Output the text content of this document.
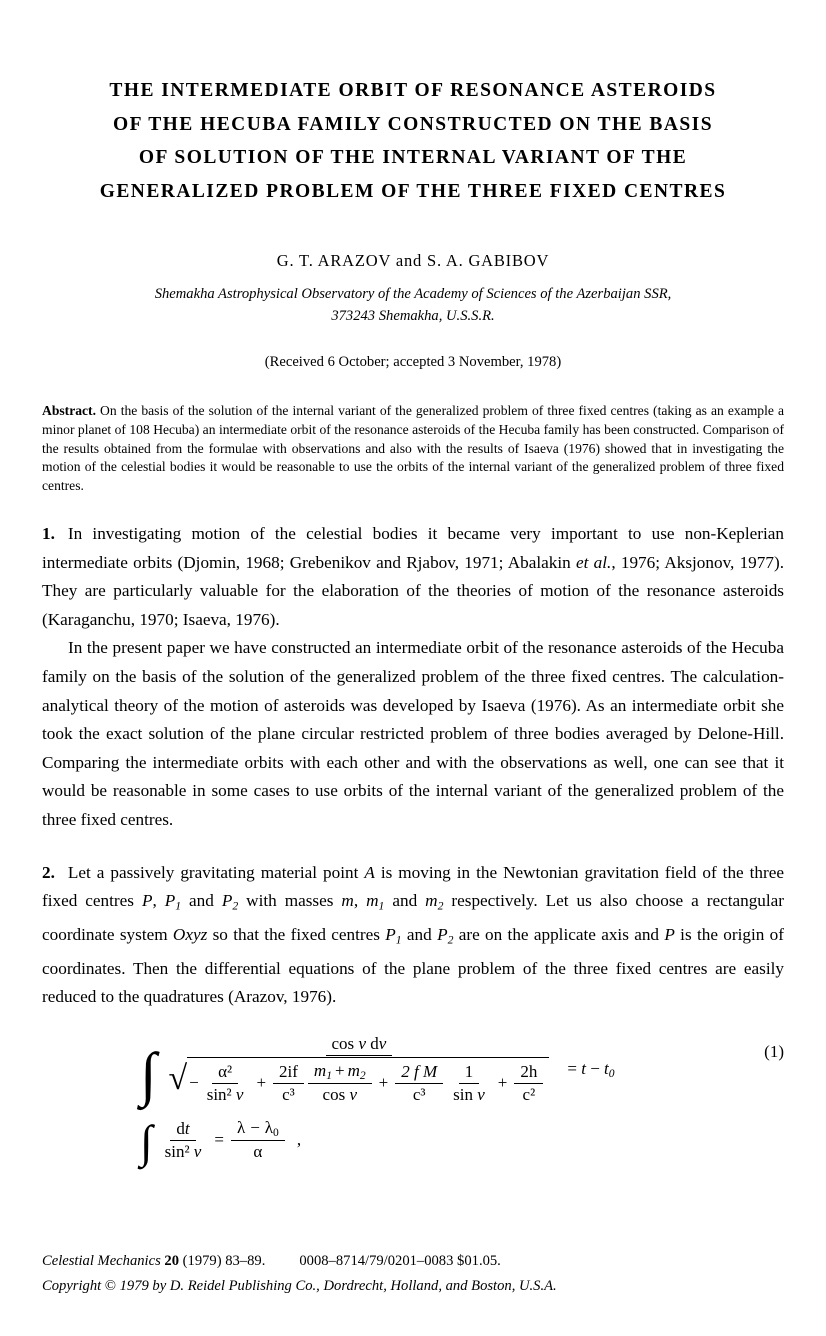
THE INTERMEDIATE ORBIT OF RESONANCE ASTEROIDS
OF THE HECUBA FAMILY CONSTRUCTED ON THE BASIS
OF SOLUTION OF THE INTERNAL VARIANT OF THE
GENERALIZED PROBLEM OF THE THREE FIXED CENTRES
G. T. ARAZOV and S. A. GABIBOV
Shemakha Astrophysical Observatory of the Academy of Sciences of the Azerbaijan SSR,
373243 Shemakha, U.S.S.R.
(Received 6 October; accepted 3 November, 1978)
Abstract. On the basis of the solution of the internal variant of the generalized problem of three fixed centres (taking as an example a minor planet of 108 Hecuba) an intermediate orbit of the resonance asteroids of the Hecuba family has been constructed. Comparison of the results obtained from the formulae with observations and also with the results of Isaeva (1976) showed that in investigating the motion of the celestial bodies it would be reasonable to use the orbits of the internal variant of the generalized problem of three fixed centres.
1. In investigating motion of the celestial bodies it became very important to use non-Keplerian intermediate orbits (Djomin, 1968; Grebenikov and Rjabov, 1971; Abalakin et al., 1976; Aksjonov, 1977). They are particularly valuable for the elaboration of the theories of motion of the resonance asteroids (Karaganchu, 1970; Isaeva, 1976).
In the present paper we have constructed an intermediate orbit of the resonance asteroids of the Hecuba family on the basis of the solution of the generalized problem of the three fixed centres. The calculation-analytical theory of the motion of asteroids was developed by Isaeva (1976). As an intermediate orbit she took the exact solution of the plane circular restricted problem of three bodies averaged by Delone-Hill. Comparing the intermediate orbits with each other and with the observations as well, one can see that it would be reasonable in some cases to use orbits of the internal variant of the generalized problem of the three fixed centres.
2. Let a passively gravitating material point A is moving in the Newtonian gravitation field of the three fixed centres P, $P_1$ and $P_2$ with masses m, $m_1$ and $m_2$ respectively. Let us also choose a rectangular coordinate system Oxyz so that the fixed centres $P_1$ and $P_2$ are on the applicate axis and P is the origin of coordinates. Then the differential equations of the plane problem of the three fixed centres are easily reduced to the quadratures (Arazov, 1976).
∫	cos v dv
√ − $\frac{\text{α²}}{\text{sin² v}} + \frac{2if}{\text{c³}} \frac{m_1 + m_2}{\text{cos v}} + \frac{\text{2 f M}}{\text{c³}} \frac{1}{\text{sin v}} + \frac{2h}{\text{c²}} = t - t_0$
(1)
∫ $\frac{dt}{\text{sin² v}} = \frac{\lambda - \lambda_0}{\alpha}$ ,
Celestial Mechanics 20 (1979) 83–89. 0008–8714/79/0201–0083 $01.05.
Copyright © 1979 by D. Reidel Publishing Co., Dordrecht, Holland, and Boston, U.S.A.
